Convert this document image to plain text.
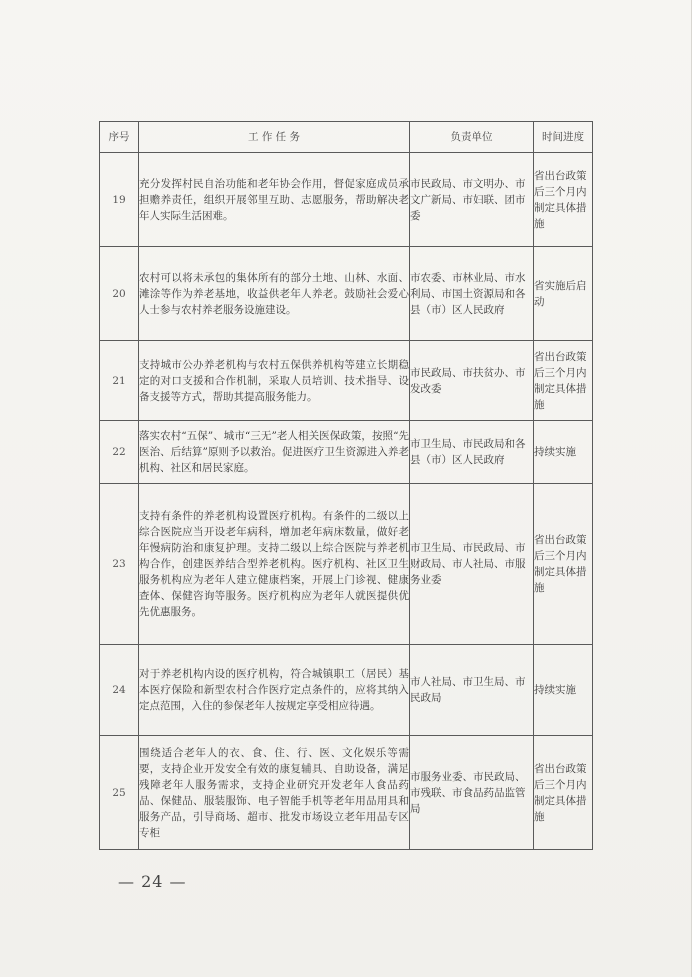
序号	工 作 任 务	负责单位	时间进度
19	充分发挥村民自治功能和老年协会作用，督促家庭成员承担赡养责任，组织开展邻里互助、志愿服务，帮助解决老年人实际生活困难。	市民政局、市文明办、市文广新局、市妇联、团市委	省出台政策后三个月内制定具体措施
20	农村可以将未承包的集体所有的部分土地、山林、水面、滩涂等作为养老基地，收益供老年人养老。鼓励社会爱心人士参与农村养老服务设施建设。	市农委、市林业局、市水利局、市国土资源局和各县（市）区人民政府	省实施后启动
21	支持城市公办养老机构与农村五保供养机构等建立长期稳定的对口支援和合作机制，采取人员培训、技术指导、设备支援等方式，帮助其提高服务能力。	市民政局、市扶贫办、市发改委	省出台政策后三个月内制定具体措施
22	落实农村“五保”、城市“三无”老人相关医保政策，按照“先医治、后结算”原则予以救治。促进医疗卫生资源进入养老机构、社区和居民家庭。	市卫生局、市民政局和各县（市）区人民政府	持续实施
23	支持有条件的养老机构设置医疗机构。有条件的二级以上综合医院应当开设老年病科，增加老年病床数量，做好老年慢病防治和康复护理。支持二级以上综合医院与养老机构合作，创建医养结合型养老机构。医疗机构、社区卫生服务机构应为老年人建立健康档案，开展上门诊视、健康查体、保健咨询等服务。医疗机构应为老年人就医提供优先优惠服务。	市卫生局、市民政局、市财政局、市人社局、市服务业委	省出台政策后三个月内制定具体措施
24	对于养老机构内设的医疗机构，符合城镇职工（居民）基本医疗保险和新型农村合作医疗定点条件的，应将其纳入定点范围，入住的参保老年人按规定享受相应待遇。	市人社局、市卫生局、市民政局	持续实施
25	围绕适合老年人的衣、食、住、行、医、文化娱乐等需要，支持企业开发安全有效的康复辅具、自助设备，满足残障老年人服务需求，支持企业研究开发老年人食品药品、保健品、服装服饰、电子智能手机等老年用品用具和服务产品，引导商场、超市、批发市场设立老年用品专区专柜	市服务业委、市民政局、市残联、市食品药品监管局	省出台政策后三个月内制定具体措施
— 24 —
